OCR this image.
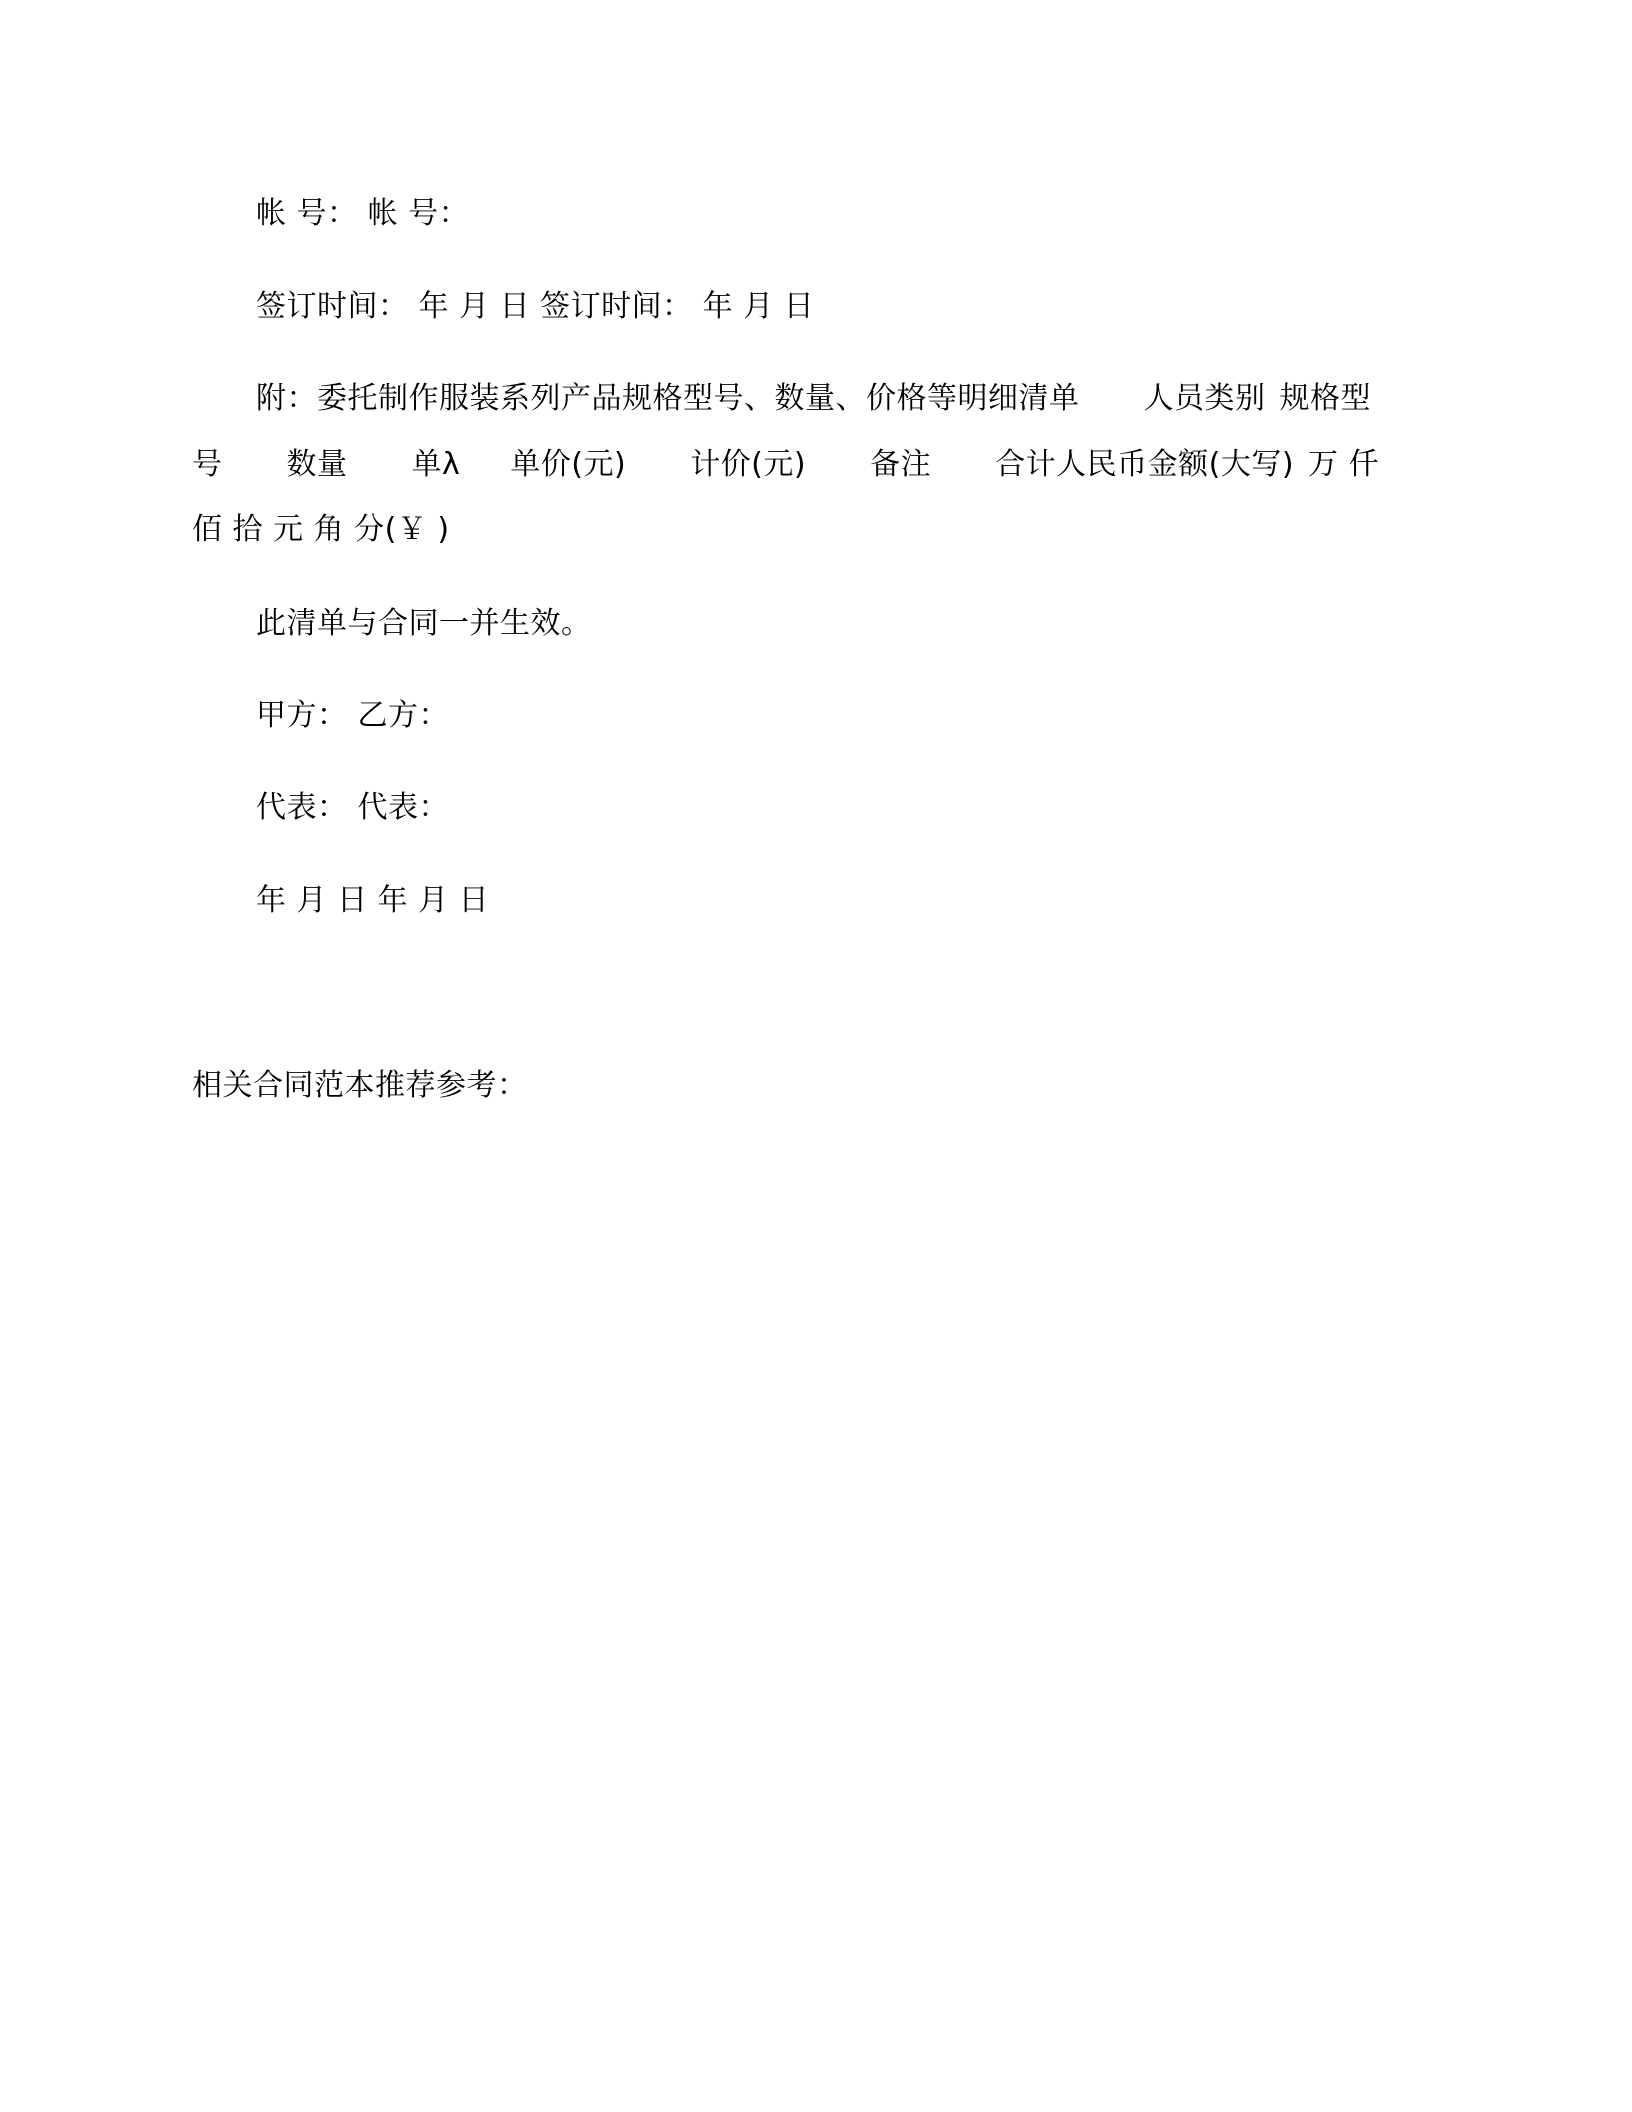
帐 号： 帐 号：
签订时间： 年 月 日 签订时间： 年 月 日
附：委托制作服装系列产品规格型号、数量、价格等明细清单 人员类别 规格型
号 数量 单λ 单价(元) 计价(元) 备注 合计人民币金额(大写) 万 仟
佰 拾 元 角 分(￥ )
此清单与合同一并生效。
甲方： 乙方：
代表： 代表：
年 月 日 年 月 日
相关合同范本推荐参考：
